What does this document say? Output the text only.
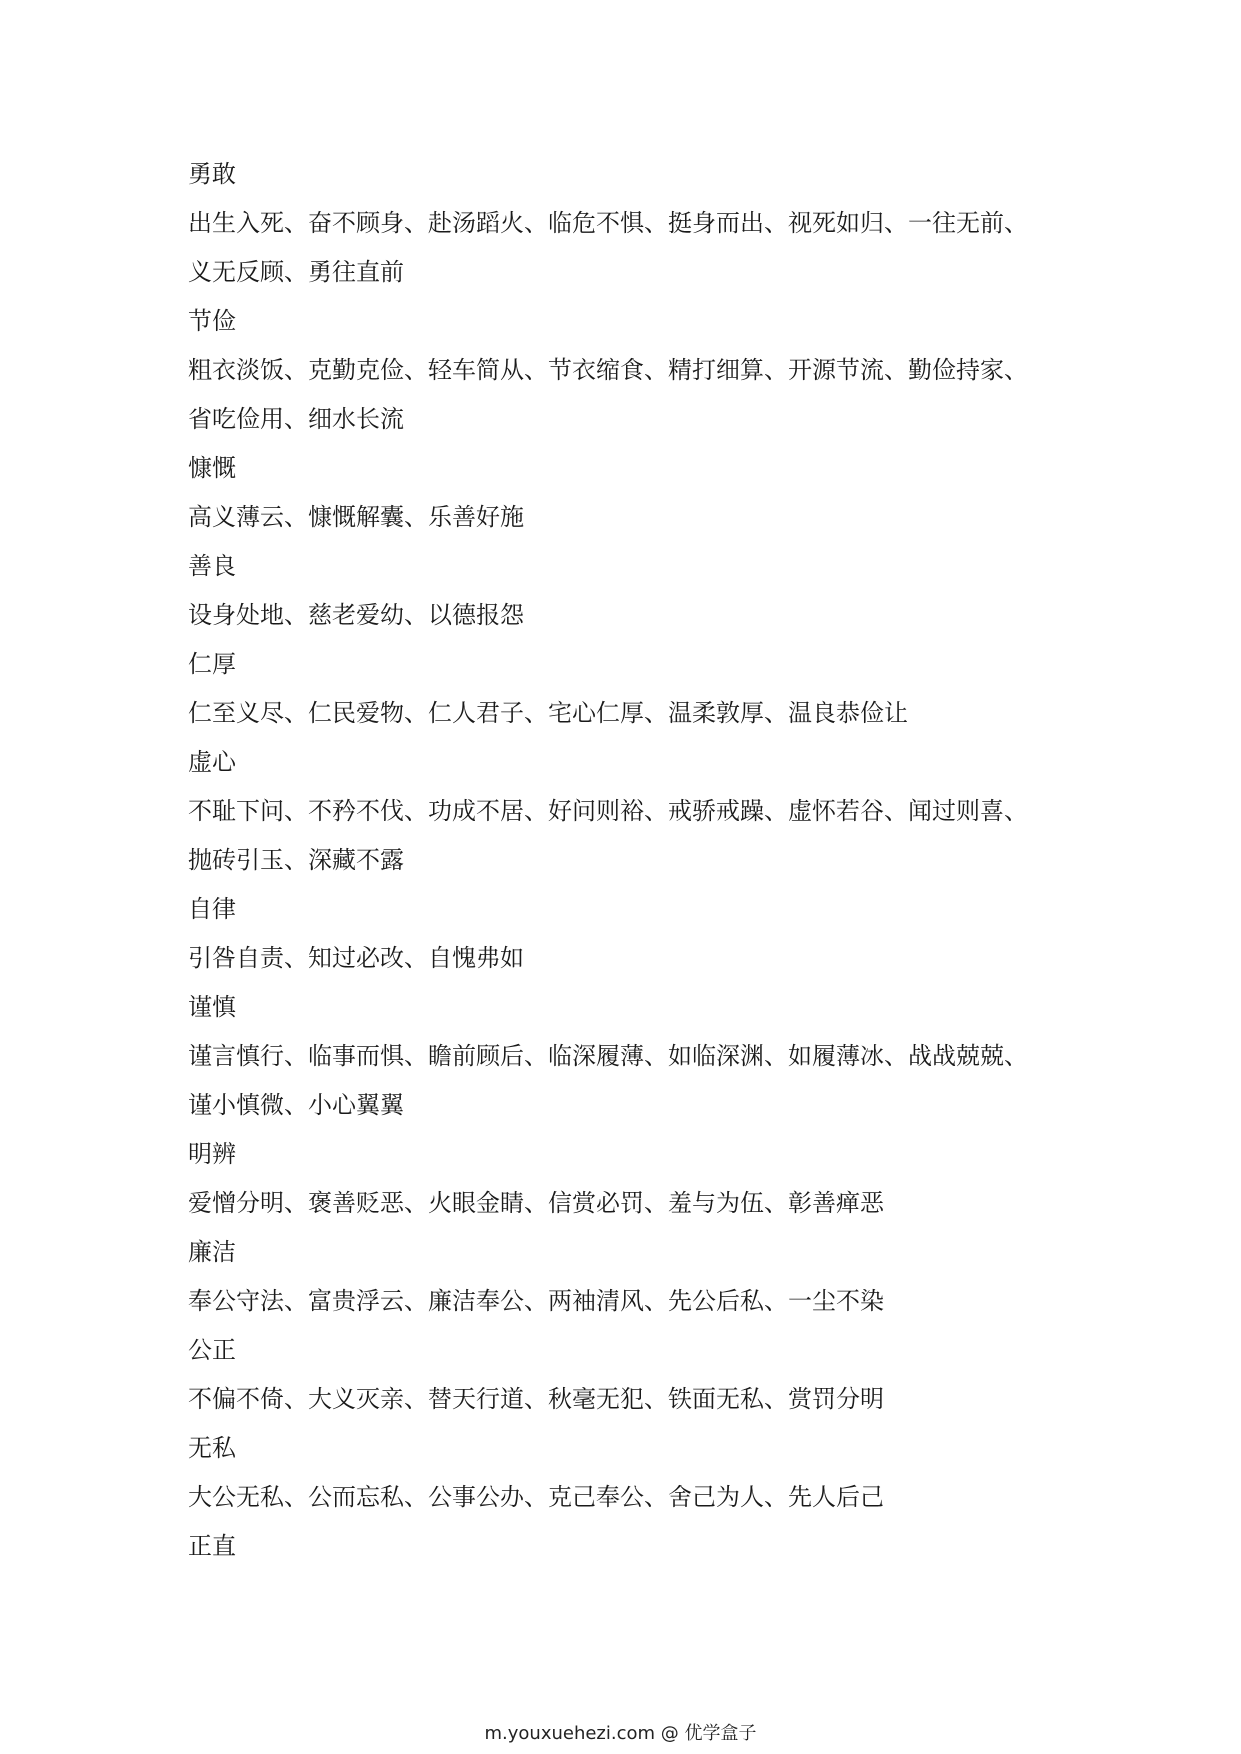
勇敢
出生入死、奋不顾身、赴汤蹈火、临危不惧、挺身而出、视死如归、一往无前、
义无反顾、勇往直前
节俭
粗衣淡饭、克勤克俭、轻车简从、节衣缩食、精打细算、开源节流、勤俭持家、
省吃俭用、细水长流
慷慨
高义薄云、慷慨解囊、乐善好施
善良
设身处地、慈老爱幼、以德报怨
仁厚
仁至义尽、仁民爱物、仁人君子、宅心仁厚、温柔敦厚、温良恭俭让
虚心
不耻下问、不矜不伐、功成不居、好问则裕、戒骄戒躁、虚怀若谷、闻过则喜、
抛砖引玉、深藏不露
自律
引咎自责、知过必改、自愧弗如
谨慎
谨言慎行、临事而惧、瞻前顾后、临深履薄、如临深渊、如履薄冰、战战兢兢、
谨小慎微、小心翼翼
明辨
爱憎分明、褒善贬恶、火眼金睛、信赏必罚、羞与为伍、彰善瘅恶
廉洁
奉公守法、富贵浮云、廉洁奉公、两袖清风、先公后私、一尘不染
公正
不偏不倚、大义灭亲、替天行道、秋毫无犯、铁面无私、赏罚分明
无私
大公无私、公而忘私、公事公办、克己奉公、舍己为人、先人后己
正直
m.youxuehezi.com @ 优学盒子
